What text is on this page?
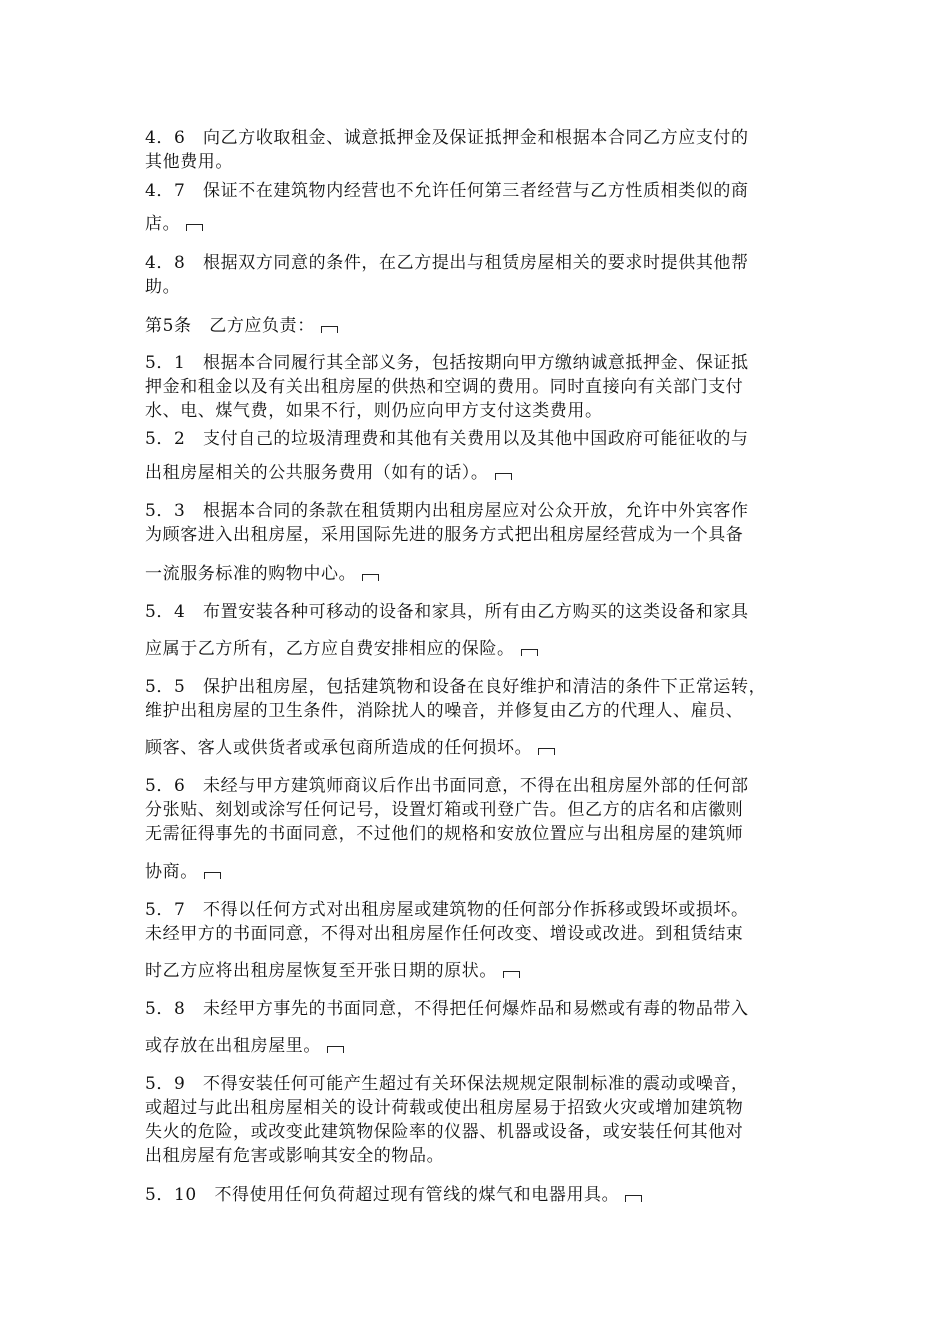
4．6　向乙方收取租金、诚意抵押金及保证抵押金和根据本合同乙方应支付的
其他费用。
4．7　保证不在建筑物内经营也不允许任何第三者经营与乙方性质相类似的商
店。
4．8　根据双方同意的条件，在乙方提出与租赁房屋相关的要求时提供其他帮
助。
第5条　乙方应负责：
5．1　根据本合同履行其全部义务，包括按期向甲方缴纳诚意抵押金、保证抵
押金和租金以及有关出租房屋的供热和空调的费用。同时直接向有关部门支付
水、电、煤气费，如果不行，则仍应向甲方支付这类费用。
5．2　支付自己的垃圾清理费和其他有关费用以及其他中国政府可能征收的与
出租房屋相关的公共服务费用（如有的话）。
5．3　根据本合同的条款在租赁期内出租房屋应对公众开放，允许中外宾客作
为顾客进入出租房屋，采用国际先进的服务方式把出租房屋经营成为一个具备
一流服务标准的购物中心。
5．4　布置安装各种可移动的设备和家具，所有由乙方购买的这类设备和家具
应属于乙方所有，乙方应自费安排相应的保险。
5．5　保护出租房屋，包括建筑物和设备在良好维护和清洁的条件下正常运转，
维护出租房屋的卫生条件，消除扰人的噪音，并修复由乙方的代理人、雇员、
顾客、客人或供货者或承包商所造成的任何损坏。
5．6　未经与甲方建筑师商议后作出书面同意，不得在出租房屋外部的任何部
分张贴、刻划或涂写任何记号，设置灯箱或刊登广告。但乙方的店名和店徽则
无需征得事先的书面同意，不过他们的规格和安放位置应与出租房屋的建筑师
协商。
5．7　不得以任何方式对出租房屋或建筑物的任何部分作拆移或毁坏或损坏。
未经甲方的书面同意，不得对出租房屋作任何改变、增设或改进。到租赁结束
时乙方应将出租房屋恢复至开张日期的原状。
5．8　未经甲方事先的书面同意，不得把任何爆炸品和易燃或有毒的物品带入
或存放在出租房屋里。
5．9　不得安装任何可能产生超过有关环保法规规定限制标准的震动或噪音，
或超过与此出租房屋相关的设计荷载或使出租房屋易于招致火灾或增加建筑物
失火的危险，或改变此建筑物保险率的仪器、机器或设备，或安装任何其他对
出租房屋有危害或影响其安全的物品。
5．10　不得使用任何负荷超过现有管线的煤气和电器用具。
